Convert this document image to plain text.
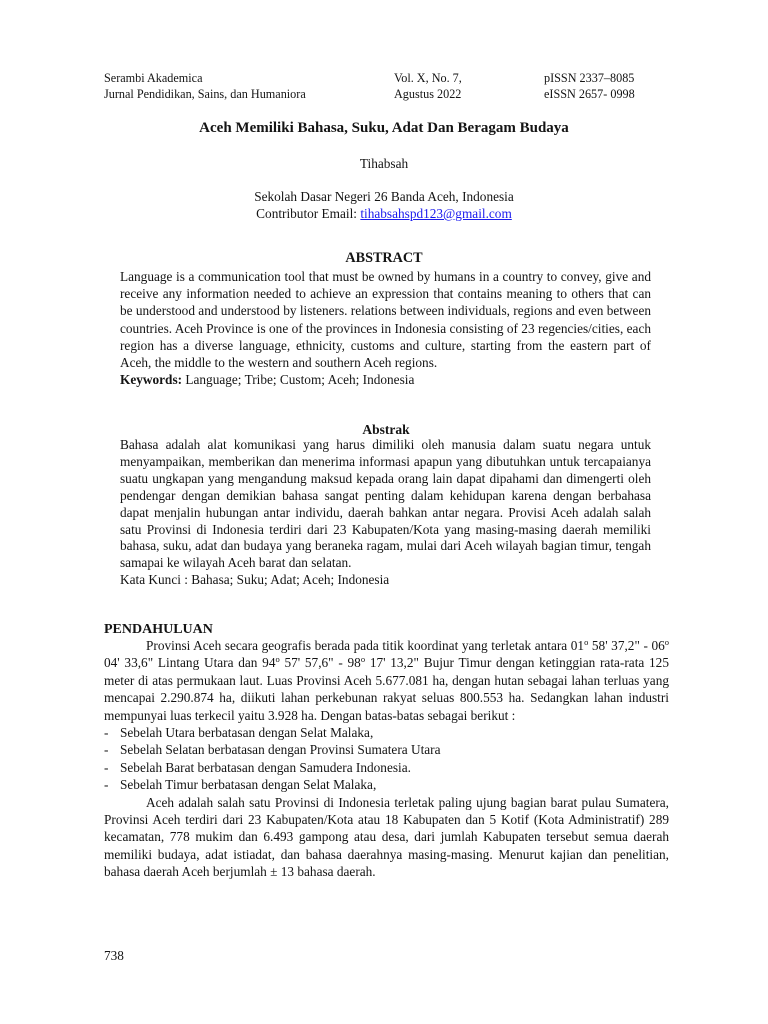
Serambi Akademica
Jurnal Pendidikan, Sains, dan Humaniora
Vol. X, No. 7,
Agustus 2022
pISSN 2337–8085
eISSN 2657- 0998
Aceh Memiliki Bahasa, Suku, Adat Dan Beragam Budaya
Tihabsah
Sekolah Dasar Negeri 26 Banda Aceh, Indonesia
Contributor Email: tihabsahspd123@gmail.com
ABSTRACT

Language is a communication tool that must be owned by humans in a country to convey, give and receive any information needed to achieve an expression that contains meaning to others that can be understood and understood by listeners. relations between individuals, regions and even between countries. Aceh Province is one of the provinces in Indonesia consisting of 23 regencies/cities, each region has a diverse language, ethnicity, customs and culture, starting from the eastern part of Aceh, the middle to the western and southern Aceh regions.

Keywords: Language; Tribe; Custom; Aceh; Indonesia

Abstrak

Bahasa adalah alat komunikasi yang harus dimiliki oleh manusia dalam suatu negara untuk menyampaikan, memberikan dan menerima informasi apapun yang dibutuhkan untuk tercapaianya suatu ungkapan yang mengandung maksud kepada orang lain dapat dipahami dan dimengerti oleh pendengar dengan demikian bahasa sangat penting dalam kehidupan karena dengan berbahasa dapat menjalin hubungan antar individu, daerah bahkan antar negara. Provisi Aceh adalah salah satu Provinsi di Indonesia terdiri dari 23 Kabupaten/Kota yang masing-masing daerah memiliki bahasa, suku, adat dan budaya yang beraneka ragam, mulai dari Aceh wilayah bagian timur, tengah samapai ke wilayah Aceh barat dan selatan.

Kata Kunci : Bahasa; Suku; Adat; Aceh; Indonesia

PENDAHULUAN

Provinsi Aceh secara geografis berada pada titik koordinat yang terletak antara 01$^o$ 58' 37,2" - 06$^o$ 04' 33,6" Lintang Utara dan 94$^o$ 57' 57,6" - 98$^o$ 17' 13,2" Bujur Timur dengan ketinggian rata-rata 125 meter di atas permukaan laut. Luas Provinsi Aceh 5.677.081 ha, dengan hutan sebagai lahan terluas yang mencapai 2.290.874 ha, diikuti lahan perkebunan rakyat seluas 800.553 ha. Sedangkan lahan industri mempunyai luas terkecil yaitu 3.928 ha. Dengan batas-batas sebagai berikut :

- Sebelah Utara berbatasan dengan Selat Malaka,
- Sebelah Selatan berbatasan dengan Provinsi Sumatera Utara
- Sebelah Barat berbatasan dengan Samudera Indonesia.
- Sebelah Timur berbatasan dengan Selat Malaka,

Aceh adalah salah satu Provinsi di Indonesia terletak paling ujung bagian barat pulau Sumatera, Provinsi Aceh terdiri dari 23 Kabupaten/Kota atau 18 Kabupaten dan 5 Kotif (Kota Administratif) 289 kecamatan, 778 mukim dan 6.493 gampong atau desa, dari jumlah Kabupaten tersebut semua daerah memiliki budaya, adat istiadat, dan bahasa daerahnya masing-masing. Menurut kajian dan penelitian, bahasa daerah Aceh berjumlah ± 13 bahasa daerah.

738
